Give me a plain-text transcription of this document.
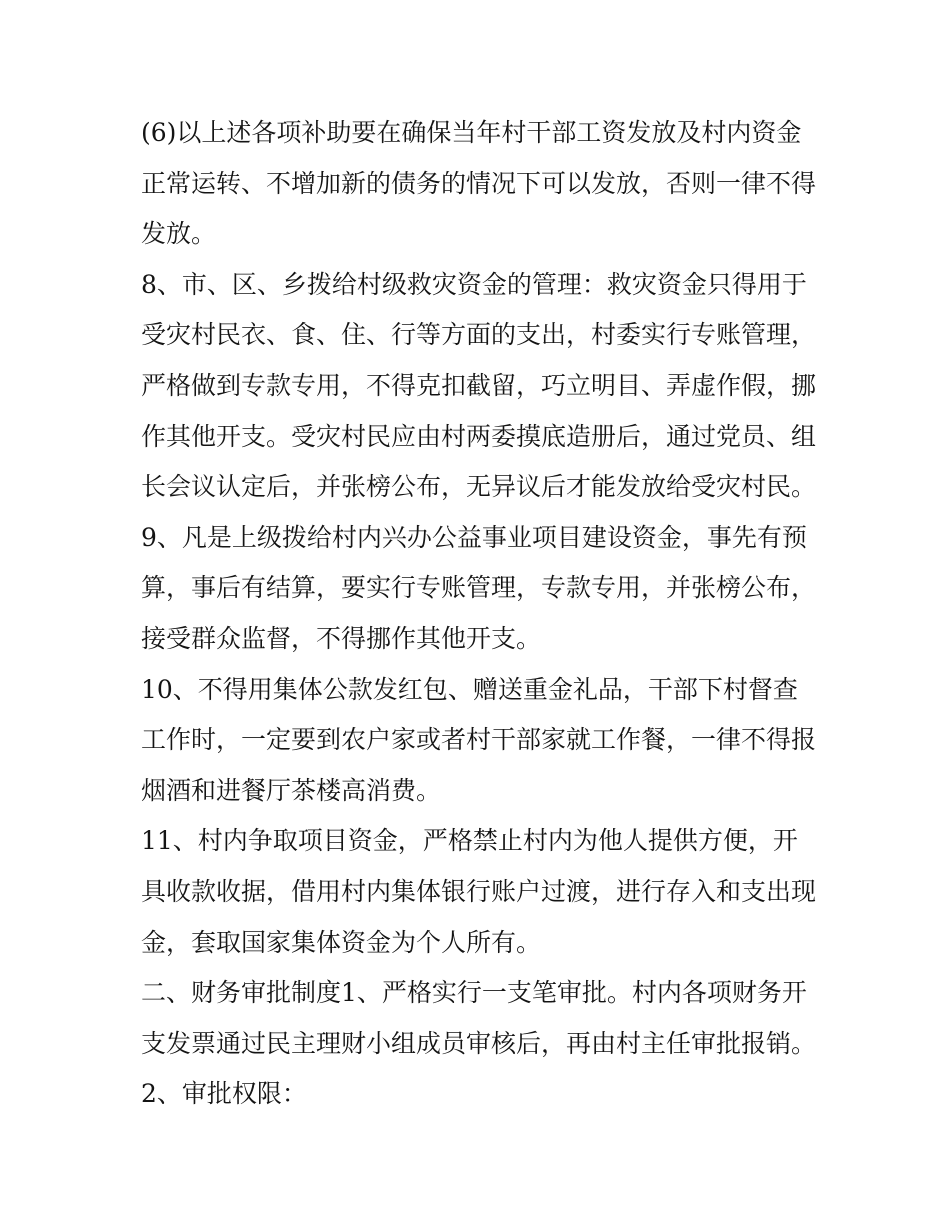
(6)以上述各项补助要在确保当年村干部工资发放及村内资金正常运转、不增加新的债务的情况下可以发放，否则一律不得发放。

8、市、区、乡拨给村级救灾资金的管理：救灾资金只得用于受灾村民衣、食、住、行等方面的支出，村委实行专账管理，严格做到专款专用，不得克扣截留，巧立明目、弄虚作假，挪作其他开支。受灾村民应由村两委摸底造册后，通过党员、组长会议认定后，并张榜公布，无异议后才能发放给受灾村民。

9、凡是上级拨给村内兴办公益事业项目建设资金，事先有预算，事后有结算，要实行专账管理，专款专用，并张榜公布，接受群众监督，不得挪作其他开支。

10、不得用集体公款发红包、赠送重金礼品，干部下村督查工作时，一定要到农户家或者村干部家就工作餐，一律不得报烟酒和进餐厅茶楼高消费。

11、村内争取项目资金，严格禁止村内为他人提供方便，开具收款收据，借用村内集体银行账户过渡，进行存入和支出现金，套取国家集体资金为个人所有。

二、财务审批制度1、严格实行一支笔审批。村内各项财务开支发票通过民主理财小组成员审核后，再由村主任审批报销。

2、审批权限：
